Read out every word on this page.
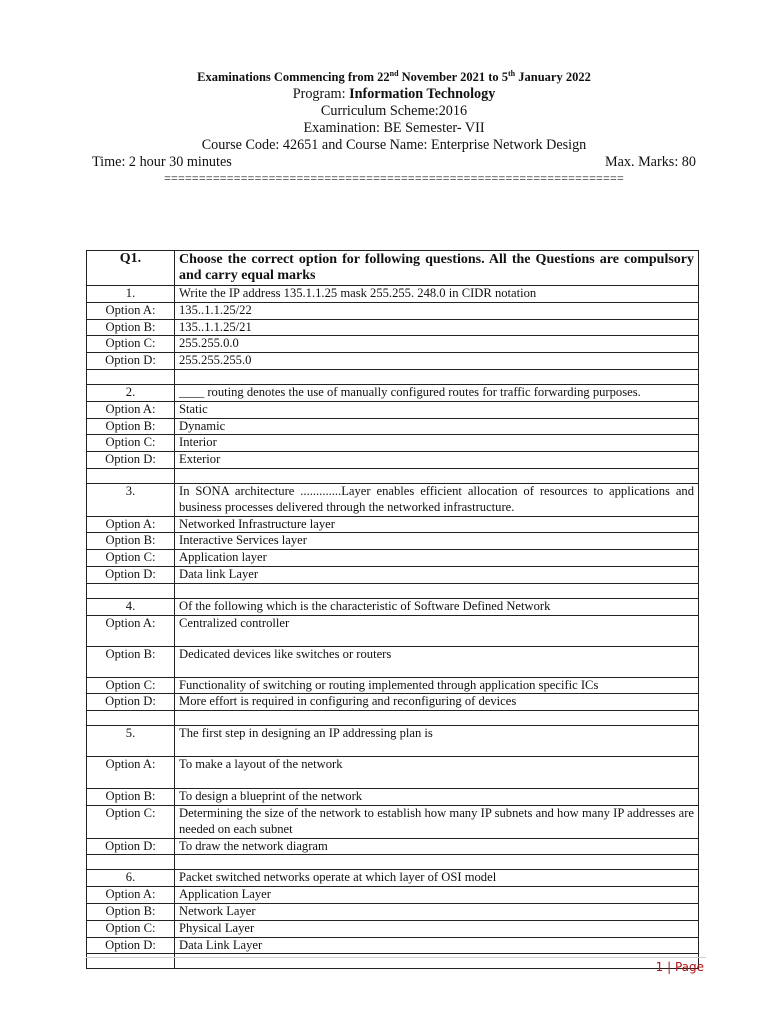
Examinations Commencing from 22nd November 2021 to 5th January 2022
Program: Information Technology
Curriculum Scheme:2016
Examination: BE Semester- VII
Course Code: 42651 and Course Name: Enterprise Network Design
Time: 2 hour 30 minutes	Max. Marks: 80
==================================================================
Q1.	Choose the correct option for following questions. All the Questions are compulsory and carry equal marks
1.	Write the IP address 135.1.1.25 mask 255.255. 248.0 in CIDR notation
Option A:	135..1.1.25/22
Option B:	135..1.1.25/21
Option C:	255.255.0.0
Option D:	255.255.255.0

2.	____ routing denotes the use of manually configured routes for traffic forwarding purposes.
Option A:	Static
Option B:	Dynamic
Option C:	Interior
Option D:	Exterior

3.	In SONA architecture .............Layer enables efficient allocation of resources to applications and business processes delivered through the networked infrastructure.
Option A:	Networked Infrastructure layer
Option B:	Interactive Services layer
Option C:	Application layer
Option D:	Data link Layer

4.	Of the following which is the characteristic of Software Defined Network
Option A:	Centralized controller
Option B:	Dedicated devices like switches or routers
Option C:	Functionality of switching or routing implemented through application specific ICs
Option D:	More effort is required in configuring and reconfiguring of devices

5.	The first step in designing an IP addressing plan is
Option A:	To make a layout of the network
Option B:	To design a blueprint of the network
Option C:	Determining the size of the network to establish how many IP subnets and how many IP addresses are needed on each subnet
Option D:	To draw the network diagram

6.	Packet switched networks operate at which layer of OSI model
Option A:	Application Layer
Option B:	Network Layer
Option C:	Physical Layer
Option D:	Data Link Layer

1 | Page
